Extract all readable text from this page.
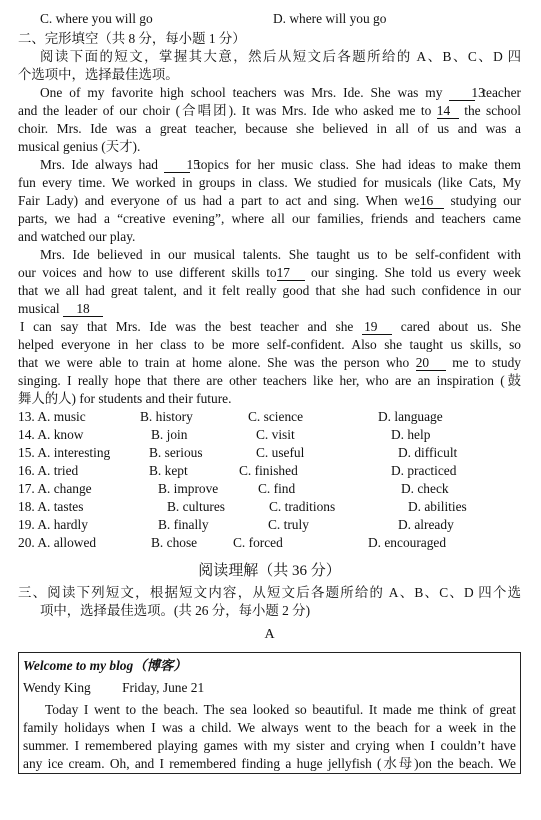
C. where you will go	D. where will you go
二、完形填空（共 8 分，每小题 1 分）
阅读下面的短文，掌握其大意，然后从短文后各题所给的 A、B、C、D 四
个选项中，选择最佳选项。
One of my favorite high school teachers was Mrs. Ide. She was my 13 teacher
and the leader of our choir (合唱团). It was Mrs. Ide who asked me to 14 the school
choir. Mrs. Ide was a great teacher, because she believed in all of us and was a
musical genius (天才).
Mrs. Ide always had 15 topics for her music class. She had ideas to make them
fun every time. We worked in groups in class. We studied for musicals (like Cats, My
Fair Lady) and everyone of us had a part to act and sing. When we16 studying our
parts, we had a “creative evening”, where all our families, friends and teachers came
and watched our play.
Mrs. Ide believed in our musical talents. She taught us to be self-confident with
our voices and how to use different skills to17 our singing. She told us every week
that we all had great talent, and it felt really good that she had such confidence in our
musical 18
I can say that Mrs. Ide was the best teacher and she 19 cared about us. She
helped everyone in her class to be more self-confident. Also she taught us skills, so
that we were able to train at home alone. She was the person who 20 me to study
singing. I really hope that there are other teachers like her, who are an inspiration (鼓
舞人的人) for students and their future.
13. A. music	B. history	C. science	D. language
14. A. know	B. join	C. visit	D. help
15. A. interesting	B. serious	C. useful	D. difficult
16. A. tried	B. kept	C. finished	D. practiced
17. A. change	B. improve	C. find	D. check
18. A. tastes	B. cultures	C. traditions	D. abilities
19. A. hardly	B. finally	C. truly	D. already
20. A. allowed	B. chose	C. forced	D. encouraged
阅读理解（共 36 分）
三、阅读下列短文，根据短文内容，从短文后各题所给的 A、B、C、D 四个选
项中，选择最佳选项。(共 26 分，每小题 2 分)
A
Welcome to my blog（博客）
Wendy King Friday, June 21
Today I went to the beach. The sea looked so beautiful. It made me think of great
family holidays when I was a child. We always went to the beach for a week in the
summer. I remembered playing games with my sister and crying when I couldn’t have
any ice cream. Oh, and I remembered finding a huge jellyfish (水母)on the beach. We
